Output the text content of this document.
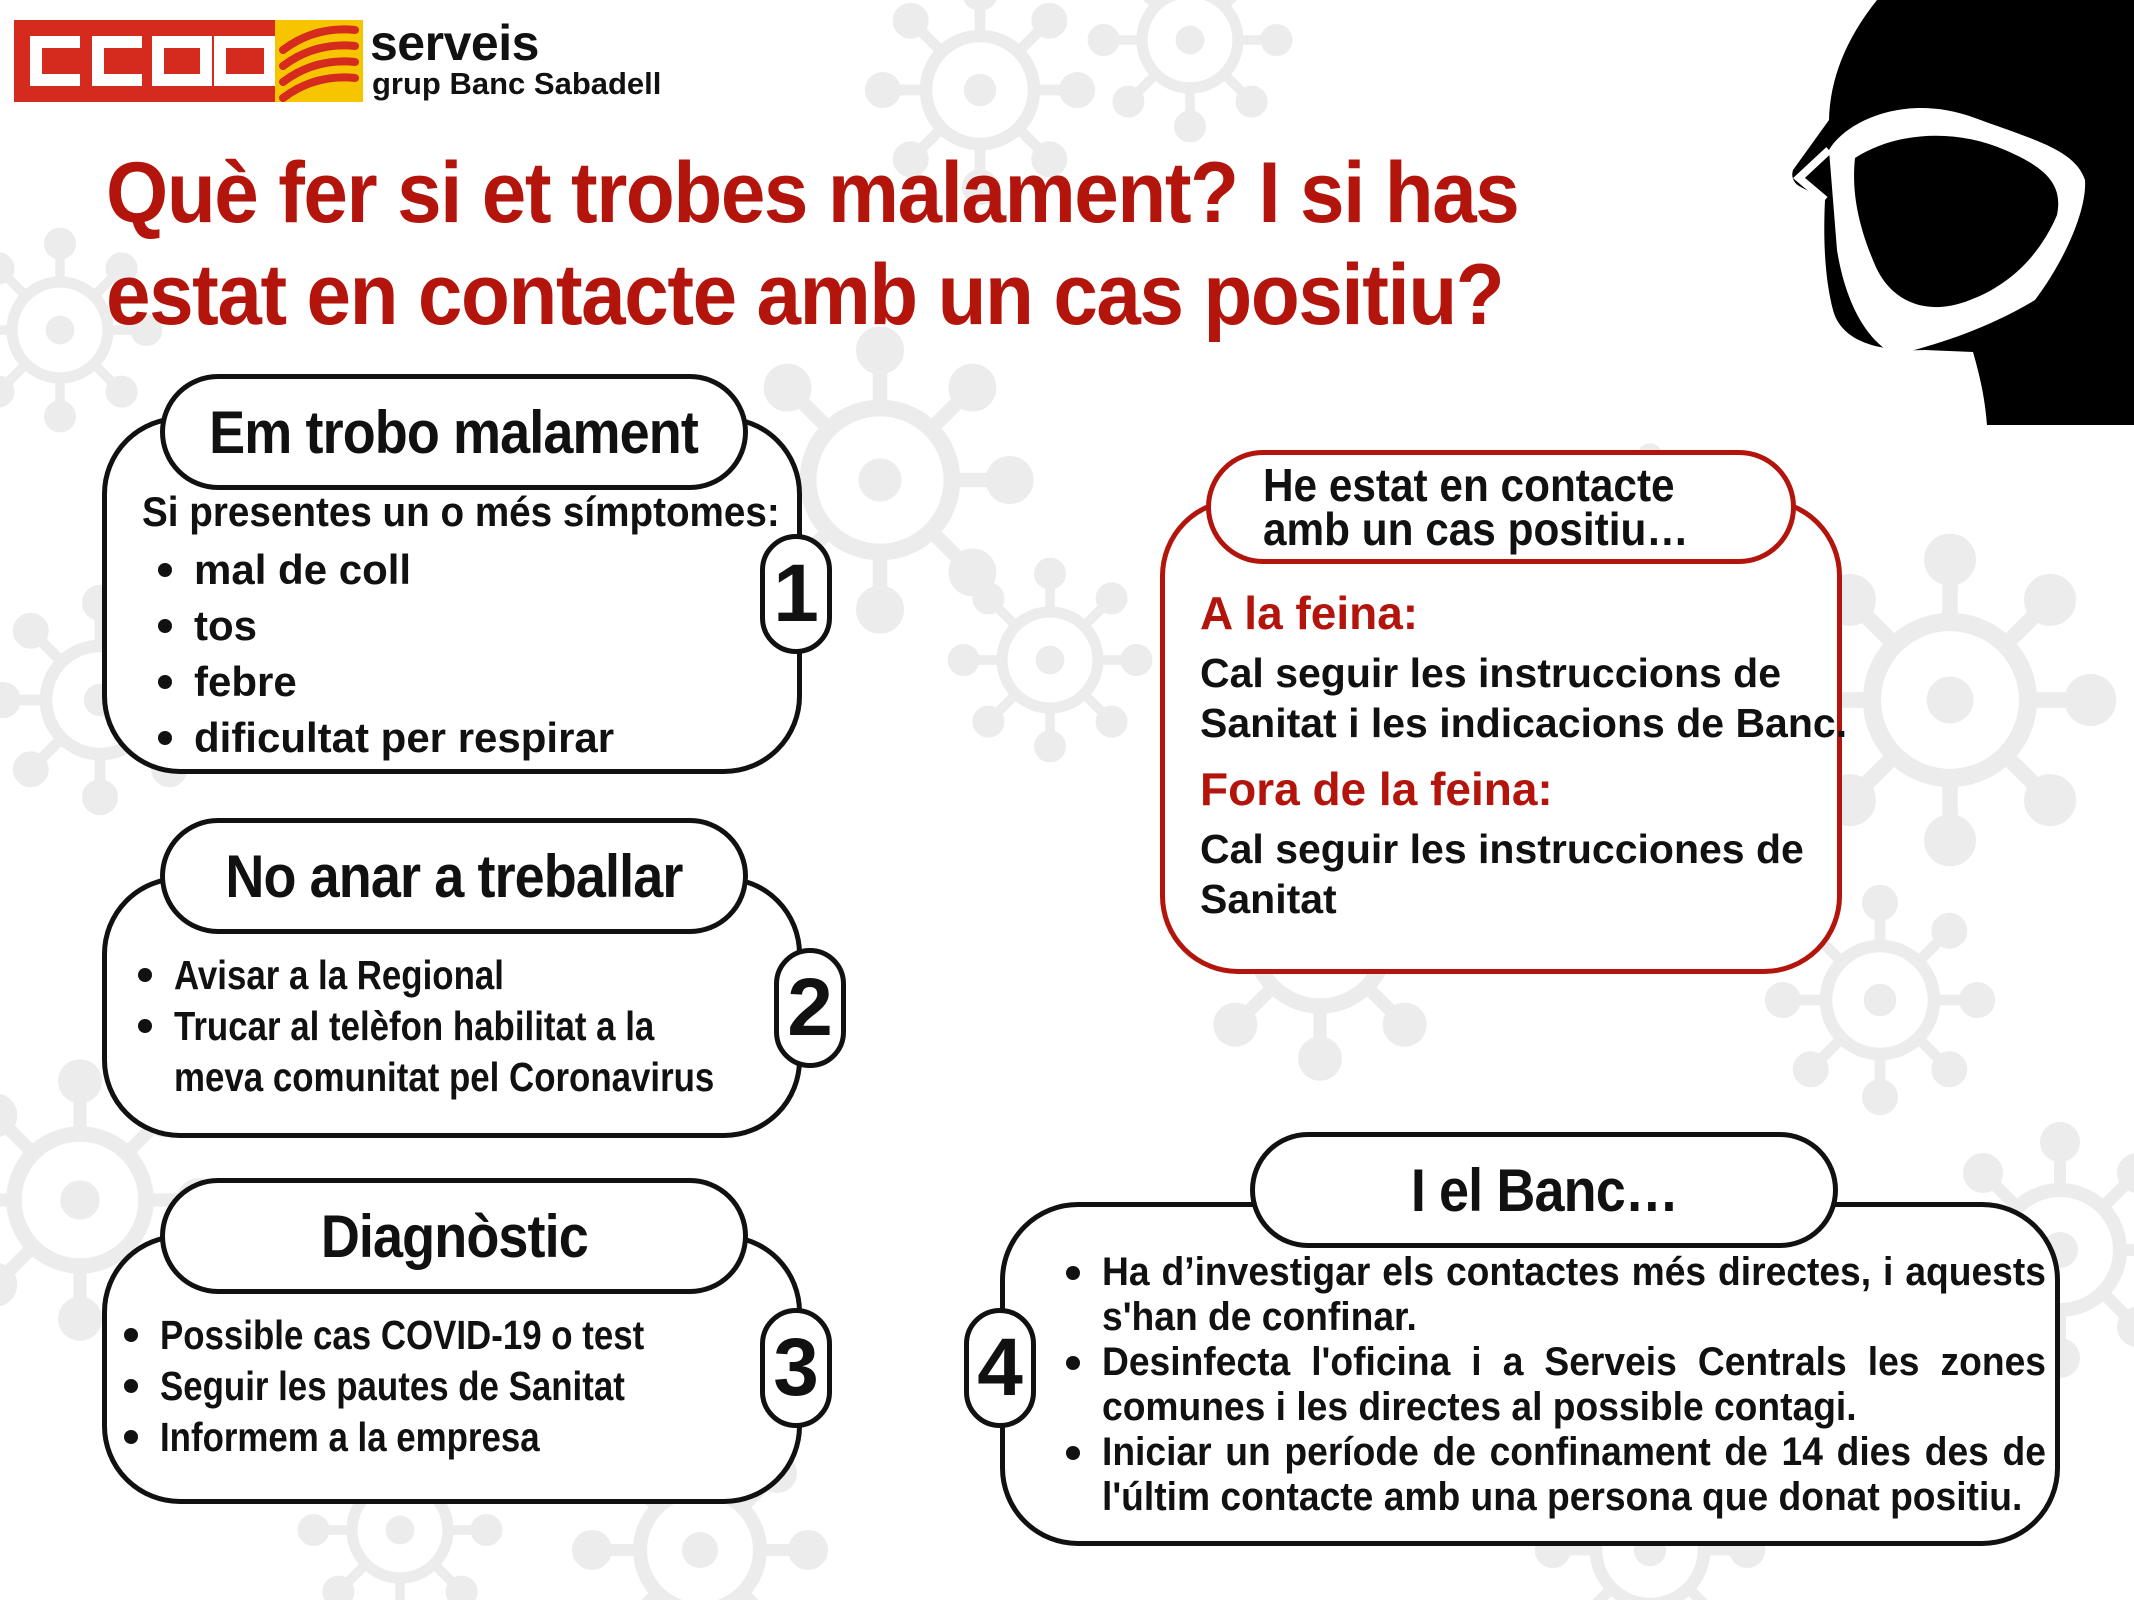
serveis
grup Banc Sabadell
Què fer si et trobes malament? I si has
estat en contacte amb un cas positiu?
Em trobo malament
Si presentes un o més símptomes:
mal de coll
tos
febre
dificultat per respirar
1
No anar a treballar
Avisar a la Regional
Trucar al telèfon habilitat a la
meva comunitat pel Coronavirus
2
Diagnòstic
Possible cas COVID-19 o test
Seguir les pautes de Sanitat
Informem a la empresa
3
He estat en contacte
amb un cas positiu…
A la feina:
Cal seguir les instruccions de
Sanitat i les indicacions de Banc.
Fora de la feina:
Cal seguir les instrucciones de
Sanitat
I el Banc…
4
Ha d’investigar els contactes més directes, i aquests s'han de confinar.
Desinfecta l'oficina i a Serveis Centrals les zones comunes i les directes al possible contagi.
Iniciar un període de confinament de 14 dies des de l'últim contacte amb una persona que donat positiu.
